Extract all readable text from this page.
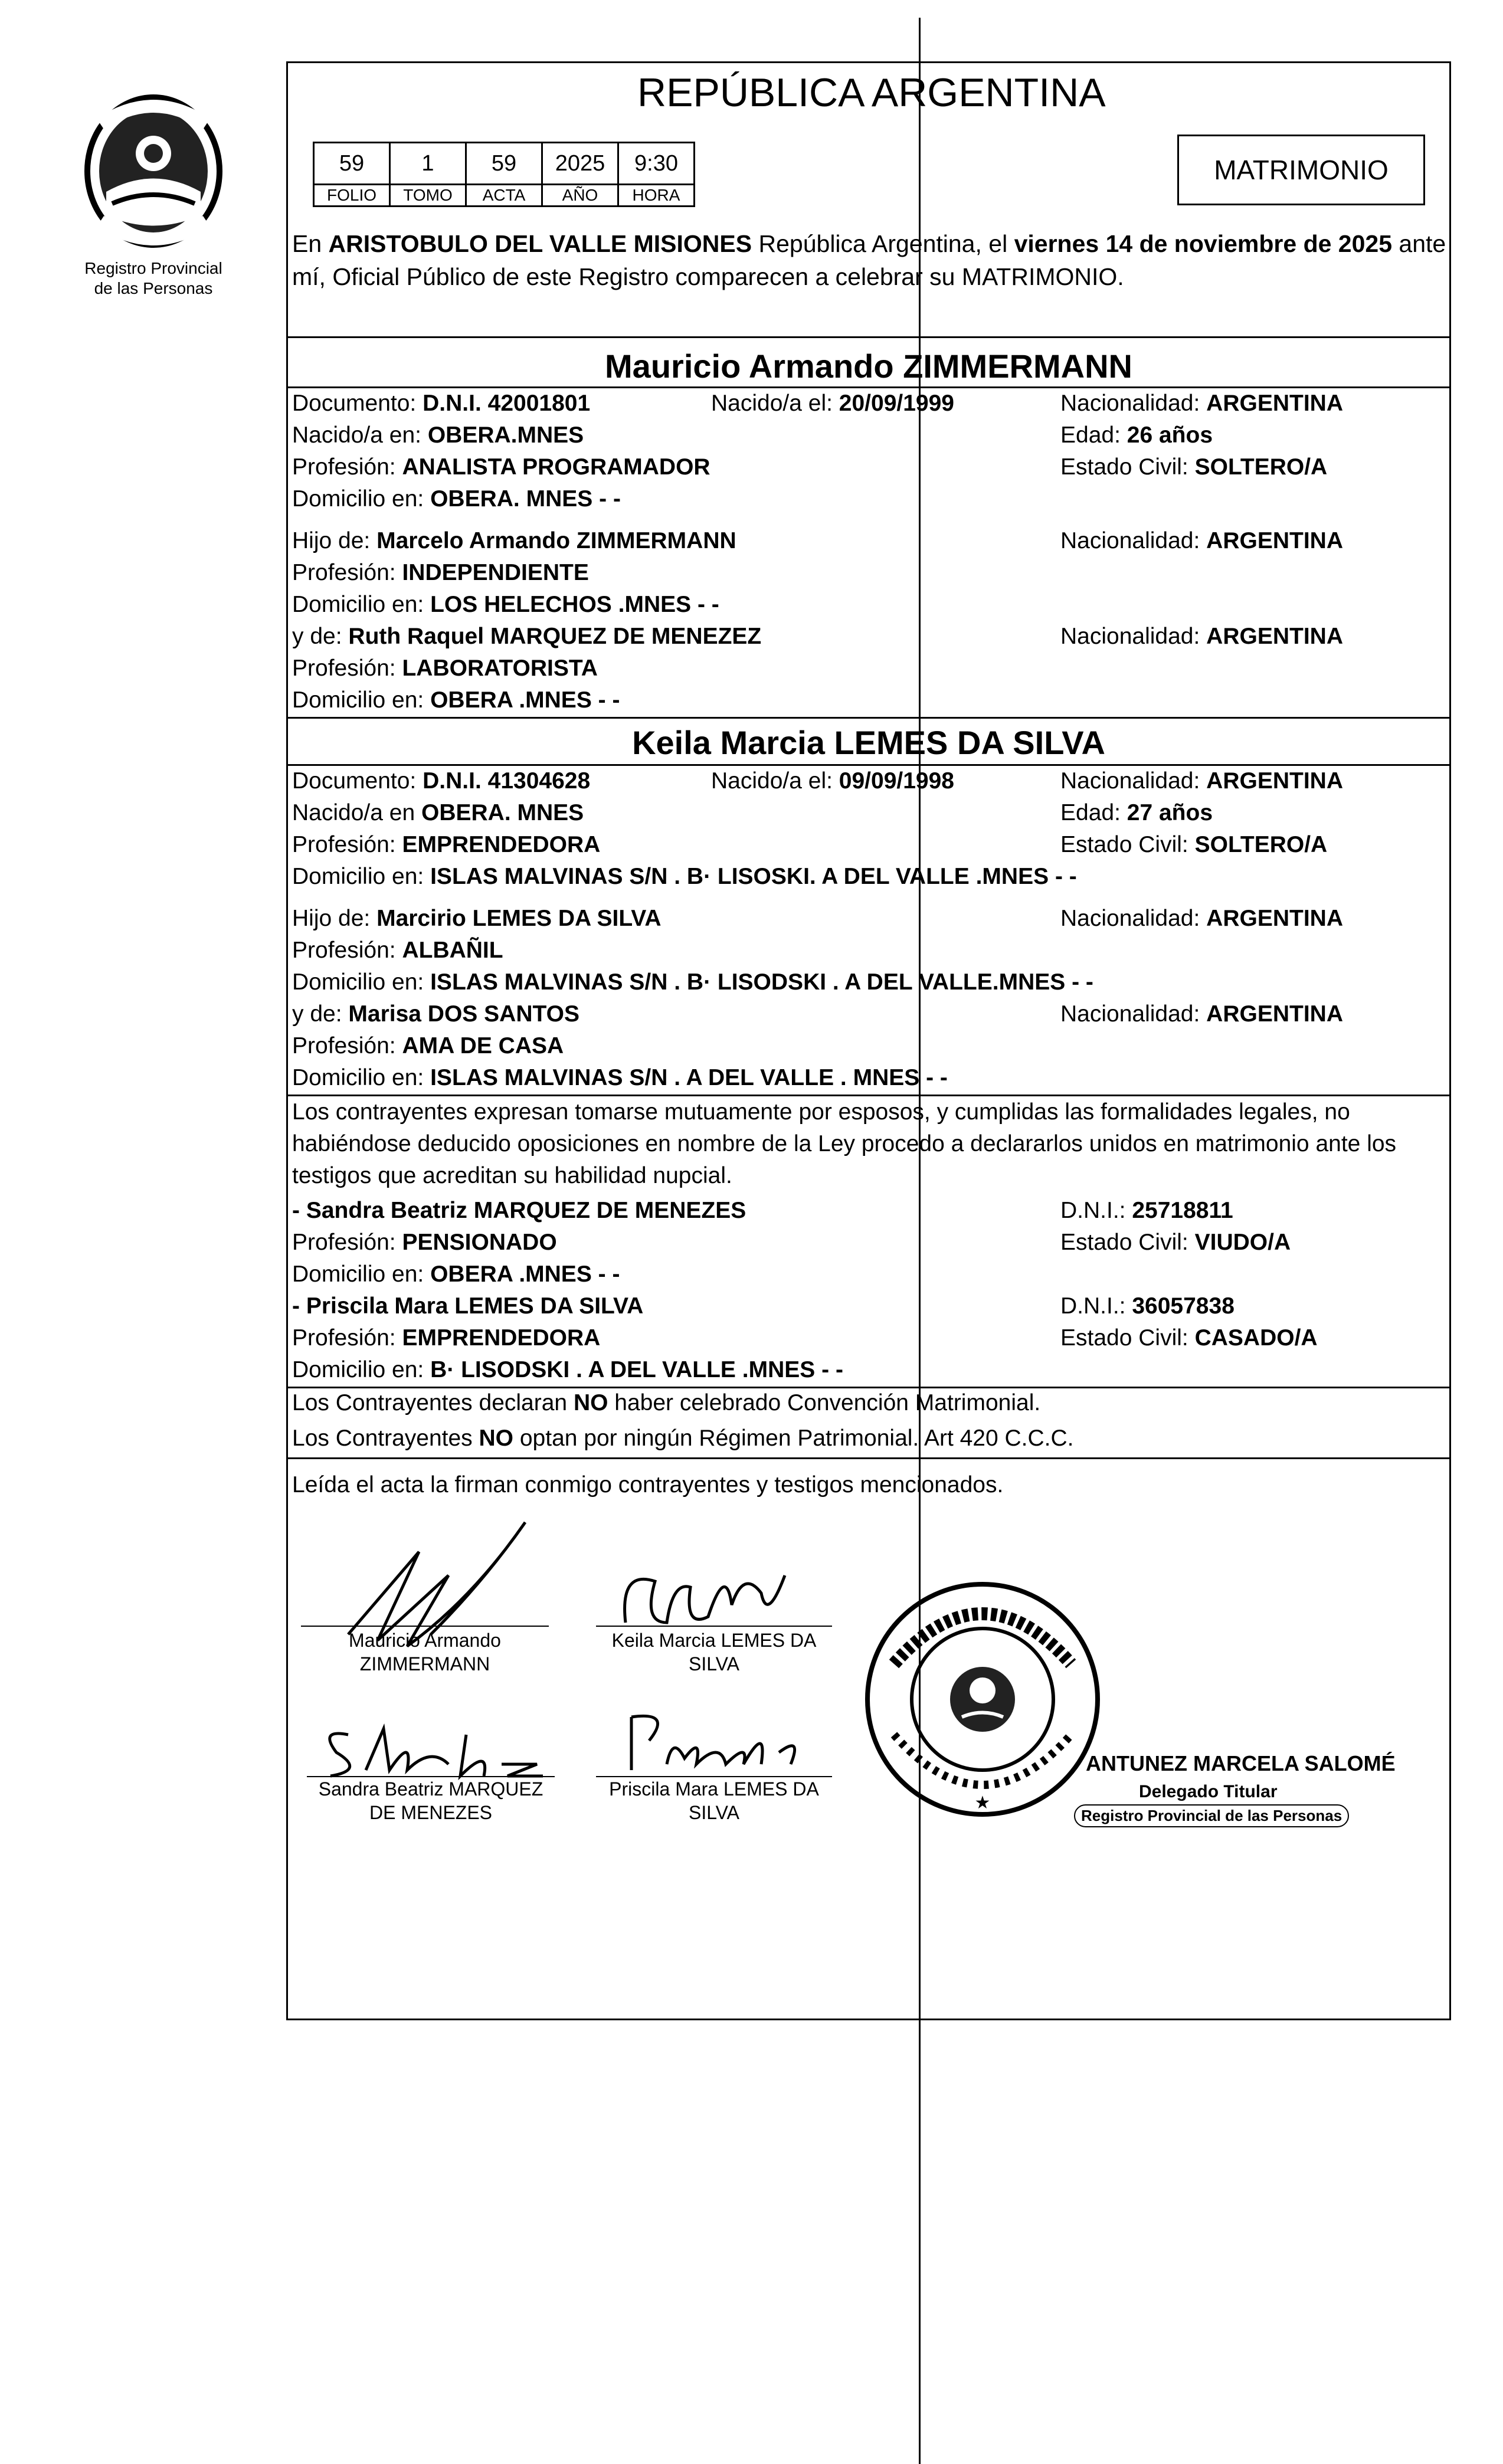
Registro Provincial
de las Personas
REPÚBLICA ARGENTINA
59	1	59	2025	9:30
FOLIO	TOMO	ACTA	AÑO	HORA
MATRIMONIO
En ARISTOBULO DEL VALLE MISIONES República Argentina, el viernes 14 de noviembre de 2025 ante mí, Oficial Público de este Registro comparecen a celebrar su MATRIMONIO.
Mauricio Armando ZIMMERMANN
Documento: D.N.I. 42001801	Nacido/a el: 20/09/1999	Nacionalidad: ARGENTINA
Nacido/a en: OBERA.MNES	Edad: 26 años
Profesión: ANALISTA PROGRAMADOR	Estado Civil: SOLTERO/A
Domicilio en: OBERA. MNES - -
Hijo de: Marcelo Armando ZIMMERMANN	Nacionalidad: ARGENTINA
Profesión: INDEPENDIENTE
Domicilio en: LOS HELECHOS .MNES - -
y de: Ruth Raquel MARQUEZ DE MENEZEZ	Nacionalidad: ARGENTINA
Profesión: LABORATORISTA
Domicilio en: OBERA .MNES - -
Keila Marcia LEMES DA SILVA
Documento: D.N.I. 41304628	Nacido/a el: 09/09/1998	Nacionalidad: ARGENTINA
Nacido/a en OBERA. MNES	Edad: 27 años
Profesión: EMPRENDEDORA	Estado Civil: SOLTERO/A
Domicilio en: ISLAS MALVINAS S/N . B· LISOSKI. A DEL VALLE .MNES - -
Hijo de: Marcirio LEMES DA SILVA	Nacionalidad: ARGENTINA
Profesión: ALBAÑIL
Domicilio en: ISLAS MALVINAS S/N . B· LISODSKI . A DEL VALLE.MNES - -
y de: Marisa DOS SANTOS	Nacionalidad: ARGENTINA
Profesión: AMA DE CASA
Domicilio en: ISLAS MALVINAS S/N . A DEL VALLE . MNES - -
Los contrayentes expresan tomarse mutuamente por esposos, y cumplidas las formalidades legales, no habiéndose deducido oposiciones en nombre de la Ley procedo a declararlos unidos en matrimonio ante los testigos que acreditan su habilidad nupcial.
- Sandra Beatriz MARQUEZ DE MENEZES	D.N.I.: 25718811
Profesión: PENSIONADO	Estado Civil: VIUDO/A
Domicilio en: OBERA .MNES - -
- Priscila Mara LEMES DA SILVA	D.N.I.: 36057838
Profesión: EMPRENDEDORA	Estado Civil: CASADO/A
Domicilio en: B· LISODSKI . A DEL VALLE .MNES - -
Los Contrayentes declaran NO haber celebrado Convención Matrimonial.
Los Contrayentes NO optan por ningún Régimen Patrimonial. Art 420 C.C.C.
Leída el acta la firman conmigo contrayentes y testigos mencionados.
Mauricio Armando
ZIMMERMANN
Keila Marcia LEMES DA
SILVA
Sandra Beatriz MARQUEZ
DE MENEZES
Priscila Mara LEMES DA
SILVA	★
ANTUNEZ MARCELA SALOMÉ
Delegado Titular
Registro Provincial de las Personas
